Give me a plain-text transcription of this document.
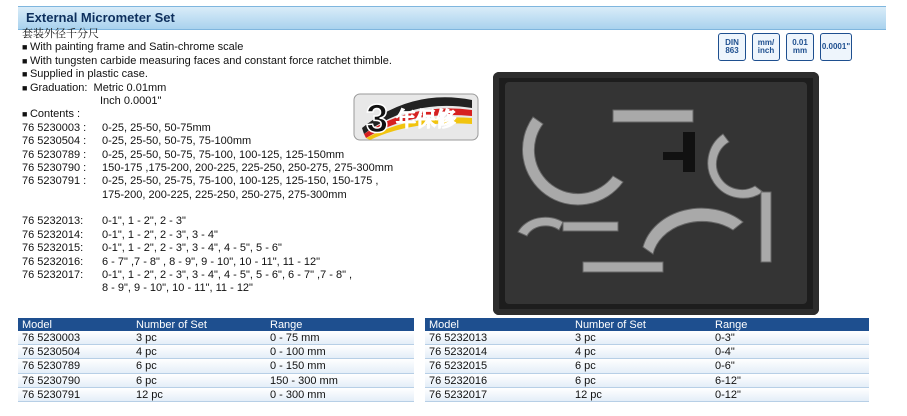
External Micrometer Set
套装外径千分尺
■ With painting frame and Satin-chrome scale
■ With tungsten carbide measuring faces and constant force ratchet thimble.
■ Supplied in plastic case.
■ Graduation: Metric 0.01mm
Inch 0.0001"
■ Contents :
76 5230003 : 0-25, 25-50, 50-75mm
76 5230504 : 0-25, 25-50, 50-75, 75-100mm
76 5230789 : 0-25, 25-50, 50-75, 75-100, 100-125, 125-150mm
76 5230790 : 150-175 ,175-200, 200-225, 225-250, 250-275, 275-300mm
76 5230791 : 0-25, 25-50, 25-75, 75-100, 100-125, 125-150, 150-175 ,
175-200, 200-225, 225-250, 250-275, 275-300mm
76 5232013: 0-1", 1 - 2", 2 - 3"
76 5232014: 0-1", 1 - 2", 2 - 3", 3 - 4"
76 5232015: 0-1", 1 - 2", 2 - 3", 3 - 4", 4 - 5", 5 - 6"
76 5232016: 6 - 7" ,7 - 8" , 8 - 9", 9 - 10", 10 - 11", 11 - 12"
76 5232017: 0-1", 1 - 2", 2 - 3", 3 - 4", 4 - 5", 5 - 6", 6 - 7" ,7 - 8" ,
8 - 9", 9 - 10", 10 - 11", 11 - 12"
3 年保修
DIN
863
mm/
inch
0.01
mm 0.0001"
Model	Number of Set	Range
76 5230003	3 pc	0 - 75 mm
76 5230504	4 pc	0 - 100 mm
76 5230789	6 pc	0 - 150 mm
76 5230790	6 pc	150 - 300 mm
76 5230791	12 pc	0 - 300 mm
Model	Number of Set	Range
76 5232013	3 pc	0-3"
76 5232014	4 pc	0-4"
76 5232015	6 pc	0-6"
76 5232016	6 pc	6-12"
76 5232017	12 pc	0-12"
